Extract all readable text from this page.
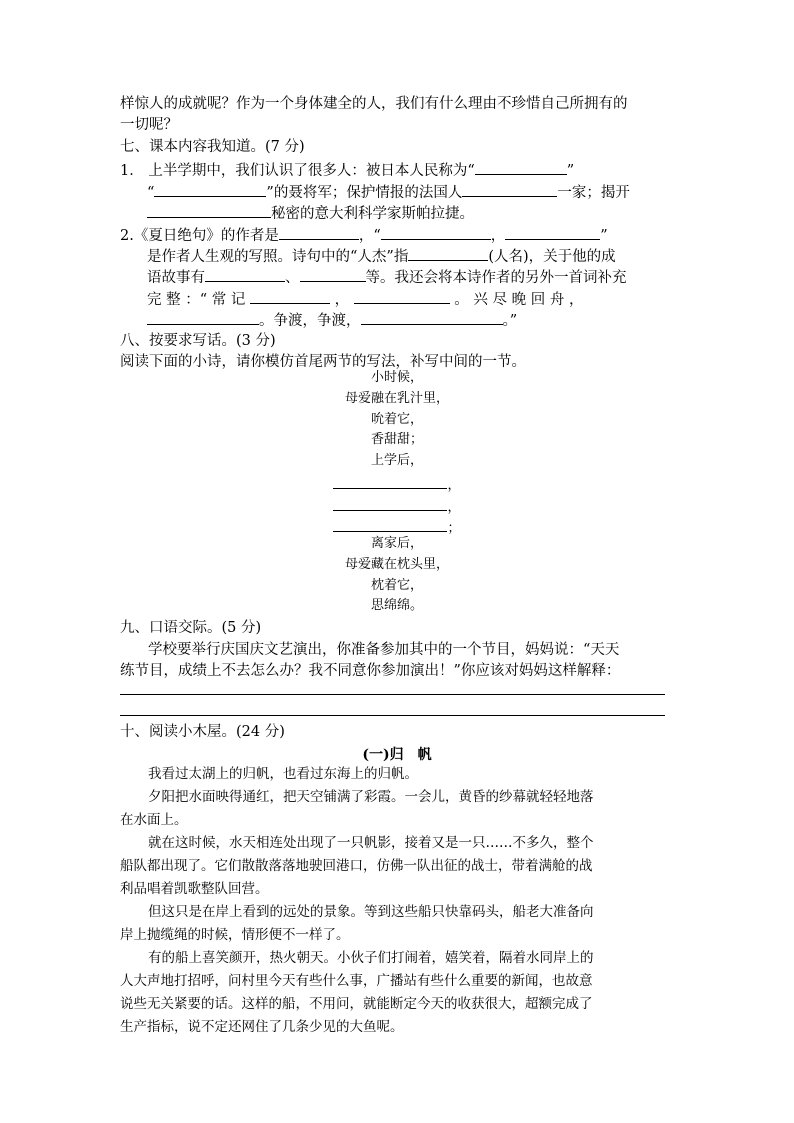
样惊人的成就呢？作为一个身体建全的人，我们有什么理由不珍惜自己所拥有的
一切呢？
七、课本内容我知道。(7 分)
1． 上半学期中，我们认识了很多人：被日本人民称为“	”
“	”的聂将军；保护情报的法国人	一家；揭开
秘密的意大利科学家斯帕拉捷。
2.《夏日绝句》的作者是	，“	，	”
是作者人生观的写照。诗句中的“人杰”指	(人名)，关于他的成
语故事有	、	等。我还会将本诗作者的另外一首词补充
完 整 ：“ 常 记	，	。 兴 尽 晚 回 舟 ，
。争渡，争渡，	。”
八、按要求写话。(3 分)
阅读下面的小诗，请你模仿首尾两节的写法，补写中间的一节。
小时候，
母爱融在乳汁里，
吮着它，
香甜甜；
上学后，
，
，
；
离家后，
母爱藏在枕头里，
枕着它，
思绵绵。
九、口语交际。(5 分)
学校要举行庆国庆文艺演出，你准备参加其中的一个节目，妈妈说：“天天
练节目，成绩上不去怎么办？我不同意你参加演出！”你应该对妈妈这样解释：
十、阅读小木屋。(24 分)
(一)归　帆
我看过太湖上的归帆，也看过东海上的归帆。
夕阳把水面映得通红，把天空铺满了彩霞。一会儿，黄昏的纱幕就轻轻地落
在水面上。
就在这时候，水天相连处出现了一只帆影，接着又是一只……不多久，整个
船队都出现了。它们散散落落地驶回港口，仿佛一队出征的战士，带着满舱的战
利品唱着凯歌整队回营。
但这只是在岸上看到的远处的景象。等到这些船只快靠码头，船老大准备向
岸上抛缆绳的时候，情形便不一样了。
有的船上喜笑颜开，热火朝天。小伙子们打闹着，嬉笑着，隔着水同岸上的
人大声地打招呼，问村里今天有些什么事，广播站有些什么重要的新闻，也故意
说些无关紧要的话。这样的船，不用问，就能断定今天的收获很大，超额完成了
生产指标，说不定还网住了几条少见的大鱼呢。
